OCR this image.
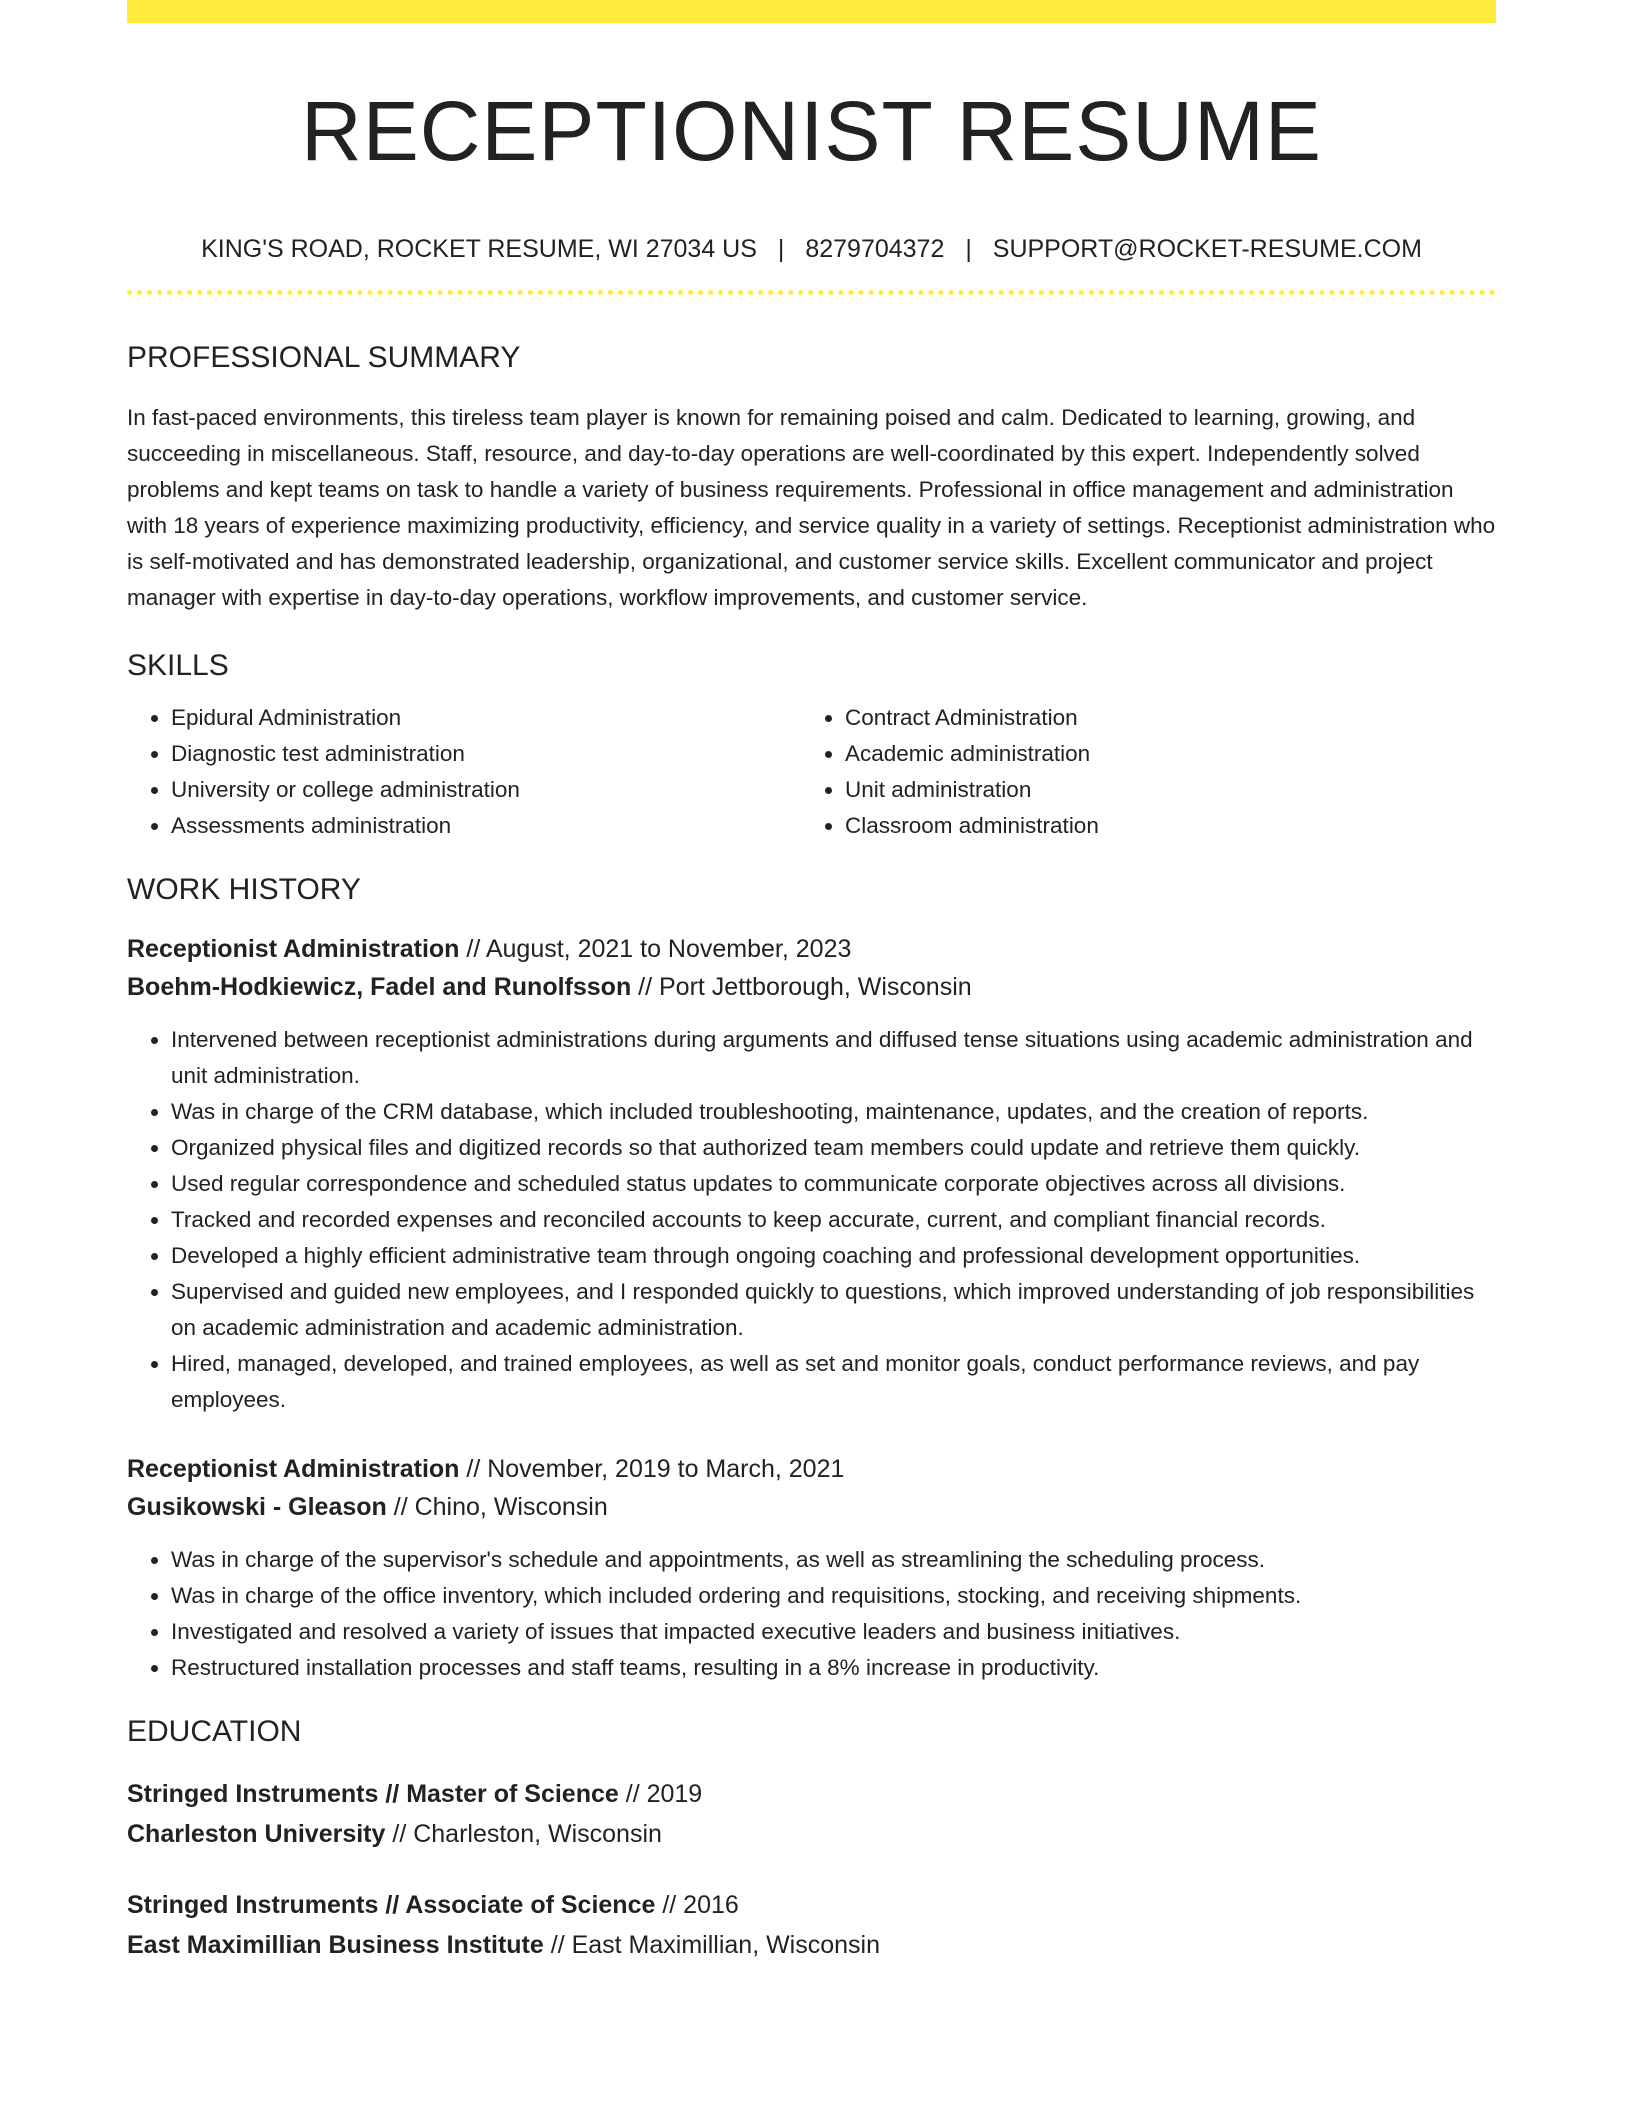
RECEPTIONIST RESUME
KING'S ROAD, ROCKET RESUME, WI 27034 US | 8279704372 | SUPPORT@ROCKET-RESUME.COM
PROFESSIONAL SUMMARY
In fast-paced environments, this tireless team player is known for remaining poised and calm. Dedicated to learning, growing, and succeeding in miscellaneous. Staff, resource, and day-to-day operations are well-coordinated by this expert. Independently solved problems and kept teams on task to handle a variety of business requirements. Professional in office management and administration with 18 years of experience maximizing productivity, efficiency, and service quality in a variety of settings. Receptionist administration who is self-motivated and has demonstrated leadership, organizational, and customer service skills. Excellent communicator and project manager with expertise in day-to-day operations, workflow improvements, and customer service.
SKILLS
• Epidural Administration
• Diagnostic test administration
• University or college administration
• Assessments administration
• Contract Administration
• Academic administration
• Unit administration
• Classroom administration
WORK HISTORY
Receptionist Administration // August, 2021 to November, 2023
Boehm-Hodkiewicz, Fadel and Runolfsson // Port Jettborough, Wisconsin
• Intervened between receptionist administrations during arguments and diffused tense situations using academic administration and unit administration.
• Was in charge of the CRM database, which included troubleshooting, maintenance, updates, and the creation of reports.
• Organized physical files and digitized records so that authorized team members could update and retrieve them quickly.
• Used regular correspondence and scheduled status updates to communicate corporate objectives across all divisions.
• Tracked and recorded expenses and reconciled accounts to keep accurate, current, and compliant financial records.
• Developed a highly efficient administrative team through ongoing coaching and professional development opportunities.
• Supervised and guided new employees, and I responded quickly to questions, which improved understanding of job responsibilities on academic administration and academic administration.
• Hired, managed, developed, and trained employees, as well as set and monitor goals, conduct performance reviews, and pay employees.
Receptionist Administration // November, 2019 to March, 2021
Gusikowski - Gleason // Chino, Wisconsin
• Was in charge of the supervisor's schedule and appointments, as well as streamlining the scheduling process.
• Was in charge of the office inventory, which included ordering and requisitions, stocking, and receiving shipments.
• Investigated and resolved a variety of issues that impacted executive leaders and business initiatives.
• Restructured installation processes and staff teams, resulting in a 8% increase in productivity.
EDUCATION
Stringed Instruments // Master of Science // 2019
Charleston University // Charleston, Wisconsin
Stringed Instruments // Associate of Science // 2016
East Maximillian Business Institute // East Maximillian, Wisconsin
